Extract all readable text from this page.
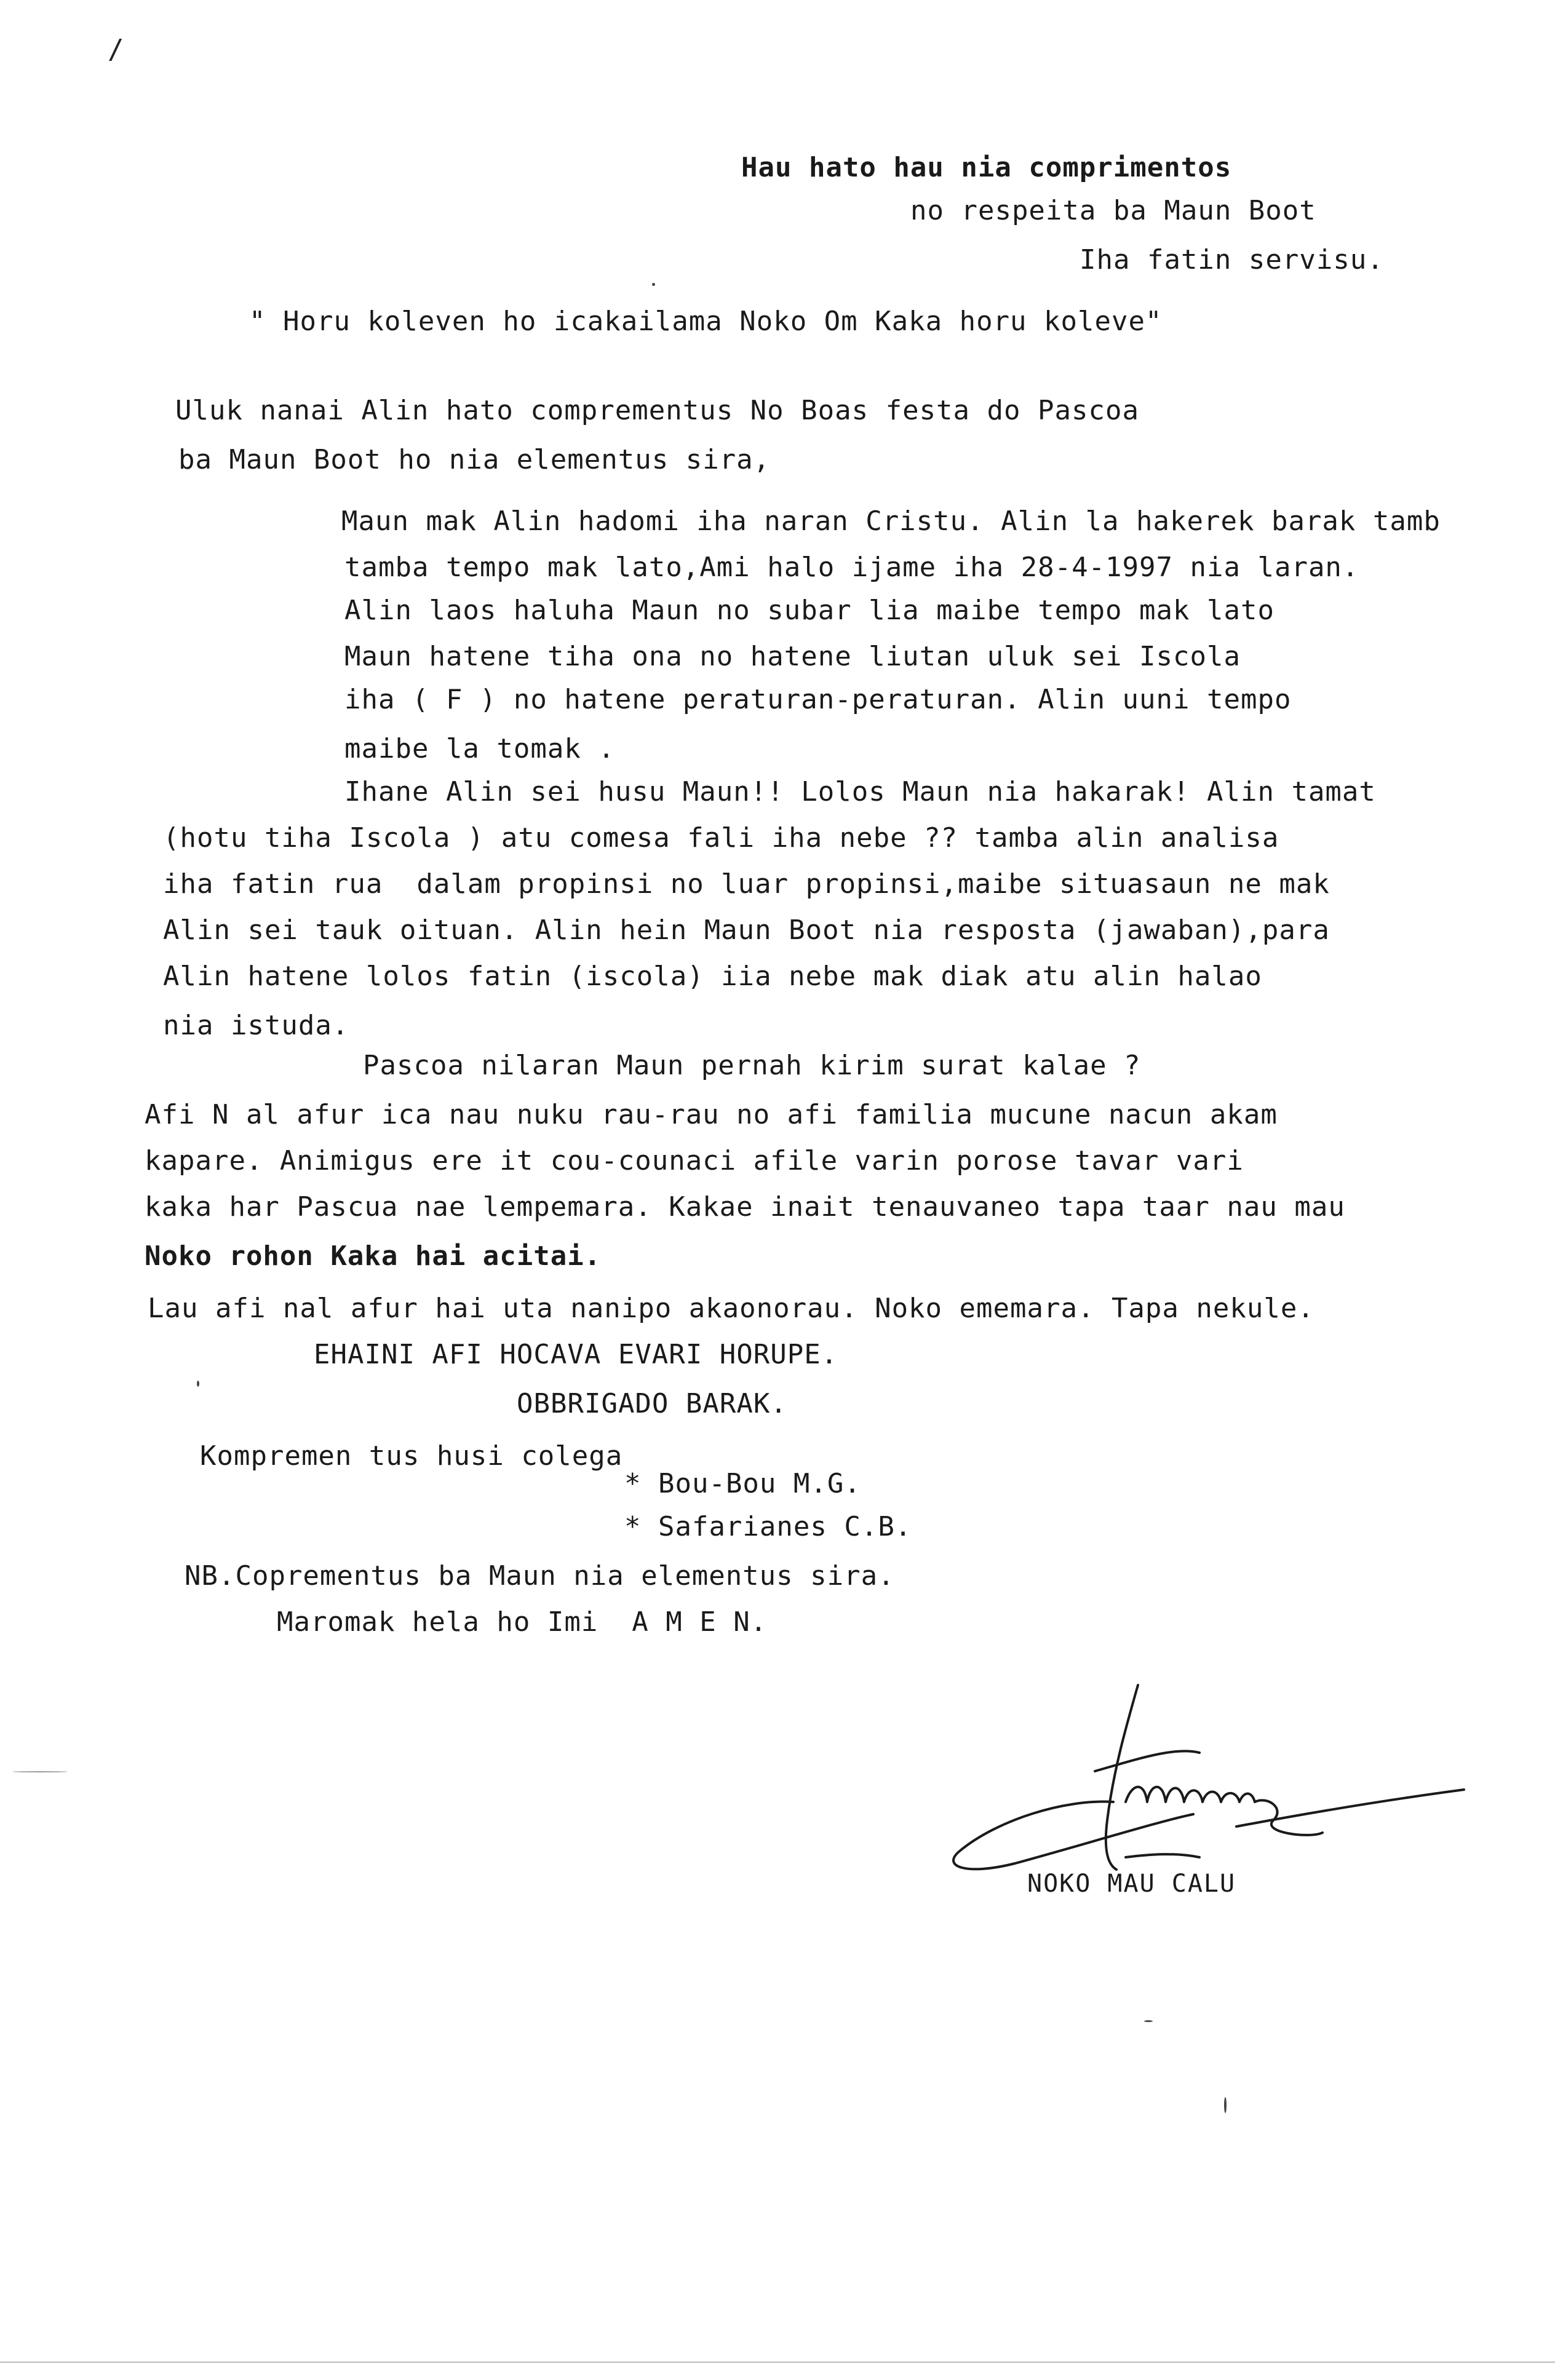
/
Hau hato hau nia comprimentos
no respeita ba Maun Boot
Iha fatin servisu.
" Horu koleven ho icakailama Noko Om Kaka horu koleve"
Uluk nanai Alin hato comprementus No Boas festa do Pascoa
ba Maun Boot ho nia elementus sira,
Maun mak Alin hadomi iha naran Cristu. Alin la hakerek barak tamb
tamba tempo mak lato,Ami halo ijame iha 28-4-1997 nia laran.
Alin laos haluha Maun no subar lia maibe tempo mak lato
Maun hatene tiha ona no hatene liutan uluk sei Iscola
iha ( F ) no hatene peraturan-peraturan. Alin uuni tempo
maibe la tomak .
Ihane Alin sei husu Maun!! Lolos Maun nia hakarak! Alin tamat
(hotu tiha Iscola ) atu comesa fali iha nebe ?? tamba alin analisa
iha fatin rua  dalam propinsi no luar propinsi,maibe situasaun ne mak
Alin sei tauk oituan. Alin hein Maun Boot nia resposta (jawaban),para
Alin hatene lolos fatin (iscola) iia nebe mak diak atu alin halao
nia istuda.
Pascoa nilaran Maun pernah kirim surat kalae ?
Afi N al afur ica nau nuku rau-rau no afi familia mucune nacun akam
kapare. Animigus ere it cou-counaci afile varin porose tavar vari
kaka har Pascua nae lempemara. Kakae inait tenauvaneo tapa taar nau mau
Noko rohon Kaka hai acitai.
Lau afi nal afur hai uta nanipo akaonorau. Noko ememara. Tapa nekule.
EHAINI AFI HOCAVA EVARI HORUPE.
OBBRIGADO BARAK.
Kompremen tus husi colega
* Bou-Bou M.G.
* Safarianes C.B.
NB.Coprementus ba Maun nia elementus sira.
Maromak hela ho Imi  A M E N.
NOKO MAU CALU
